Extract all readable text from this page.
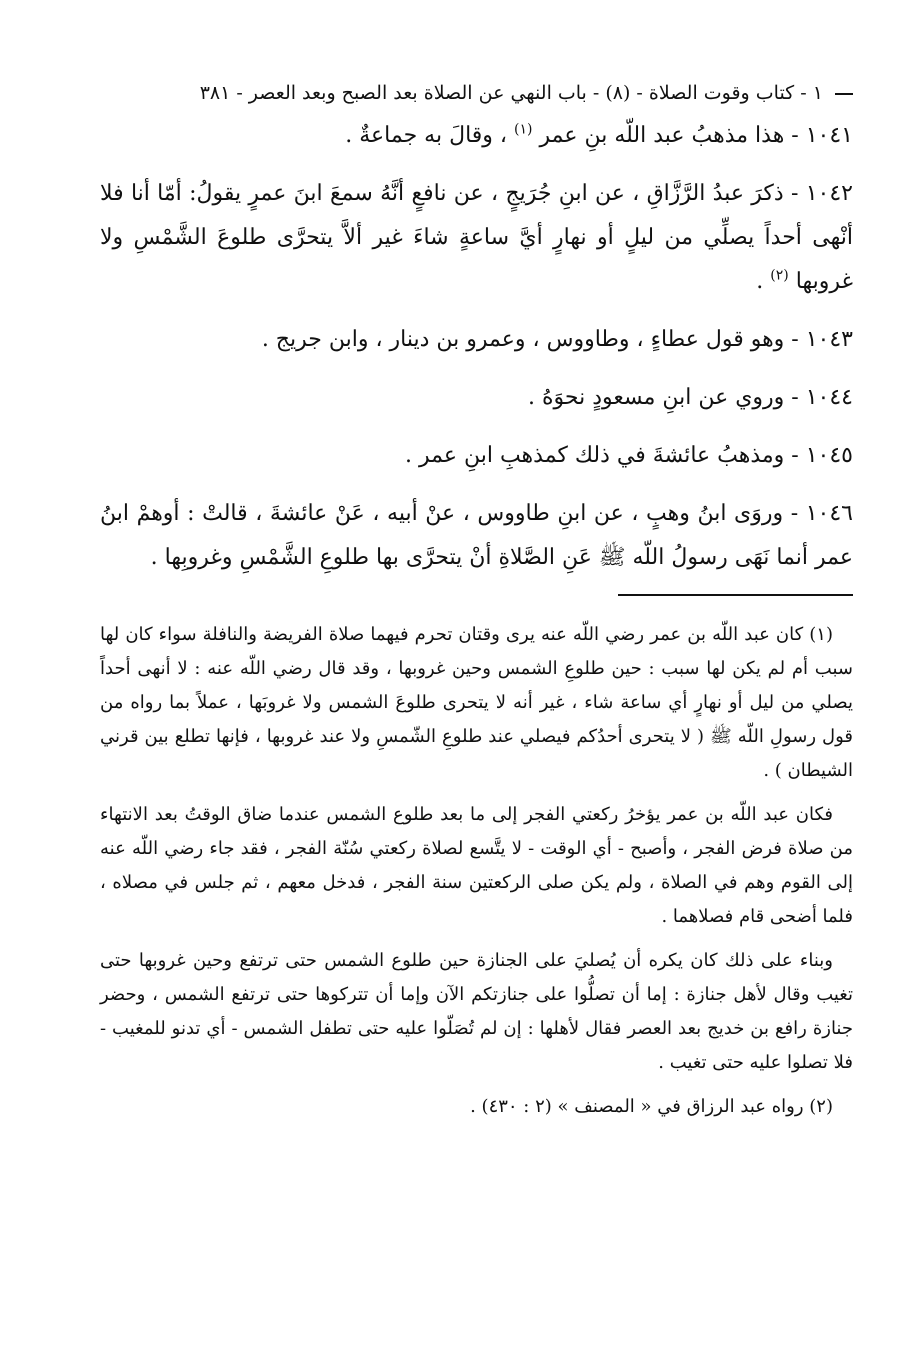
١ - كتاب وقوت الصلاة - (٨) - باب النهي عن الصلاة بعد الصبح وبعد العصر - ٣٨١

١٠٤١ - هذا مذهبُ عبد اللّه بنِ عمر $^{(١)}$ ، وقالَ به جماعةٌ .

١٠٤٢ - ذكرَ عبدُ الرَّزَّاقِ ، عن ابنِ جُرَيجٍ ، عن نافعٍ أنَّهُ سمعَ ابنَ عمرٍ يقولُ: أمّا أنا فلا أنْهى أحداً يصلِّي من ليلٍ أو نهارٍ أيَّ ساعةٍ شاءَ غير ألاَّ يتحرَّى طلوعَ الشَّمْسِ ولا غروبها $^{(٢)}$ .

١٠٤٣ - وهو قول عطاءٍ ، وطاووس ، وعمرو بن دينار ، وابن جريج .

١٠٤٤ - وروي عن ابنِ مسعودٍ نحوَهُ .

١٠٤٥ - ومذهبُ عائشةَ في ذلك كمذهبِ ابنِ عمر .

١٠٤٦ - وروَى ابنُ وهبٍ ، عن ابنِ طاووس ، عنْ أبيه ، عَنْ عائشةَ ، قالتْ : أوهمْ ابنُ عمر أنما نَهَى رسولُ اللّه ﷺ عَنِ الصَّلاةِ أنْ يتحرَّى بها طلوعِ الشَّمْسِ وغروبِها .

(١) كان عبد اللّه بن عمر رضي اللّه عنه يرى وقتان تحرم فيهما صلاة الفريضة والنافلة سواء كان لها سبب أم لم يكن لها سبب : حين طلوعِ الشمس وحين غروبها ، وقد قال رضي اللّه عنه : لا أنهى أحداً يصلي من ليل أو نهارٍ أي ساعة شاء ، غير أنه لا يتحرى طلوعَ الشمس ولا غروبَها ، عملاً بما رواه من قول رسولِ اللّه ﷺ ( لا يتحرى أحدُكم فيصلي عند طلوعِ الشّمسِ ولا عند غروبها ، فإنها تطلع بين قرني الشيطان ) .

فكان عبد اللّه بن عمر يؤخرُ ركعتي الفجر إلى ما بعد طلوع الشمس عندما ضاق الوقتُ بعد الانتهاء من صلاة فرض الفجر ، وأصبح - أي الوقت - لا يتَّسع لصلاة ركعتي سُنّة الفجر ، فقد جاء رضي اللّه عنه إلى القوم وهم في الصلاة ، ولم يكن صلى الركعتين سنة الفجر ، فدخل معهم ، ثم جلس في مصلاه ، فلما أضحى قام فصلاهما .

وبناء على ذلك كان يكره أن يُصليَ على الجنازة حين طلوع الشمس حتى ترتفع وحين غروبها حتى تغيب وقال لأهل جنازة : إما أن تصلُّوا على جنازتكم الآن وإما أن تتركوها حتى ترتفع الشمس ، وحضر جنازة رافع بن خديج بعد العصر فقال لأهلها : إن لم تُصَلّوا عليه حتى تطفل الشمس - أي تدنو للمغيب - فلا تصلوا عليه حتى تغيب .

(٢) رواه عبد الرزاق في « المصنف » (٢ : ٤٣٠) .
